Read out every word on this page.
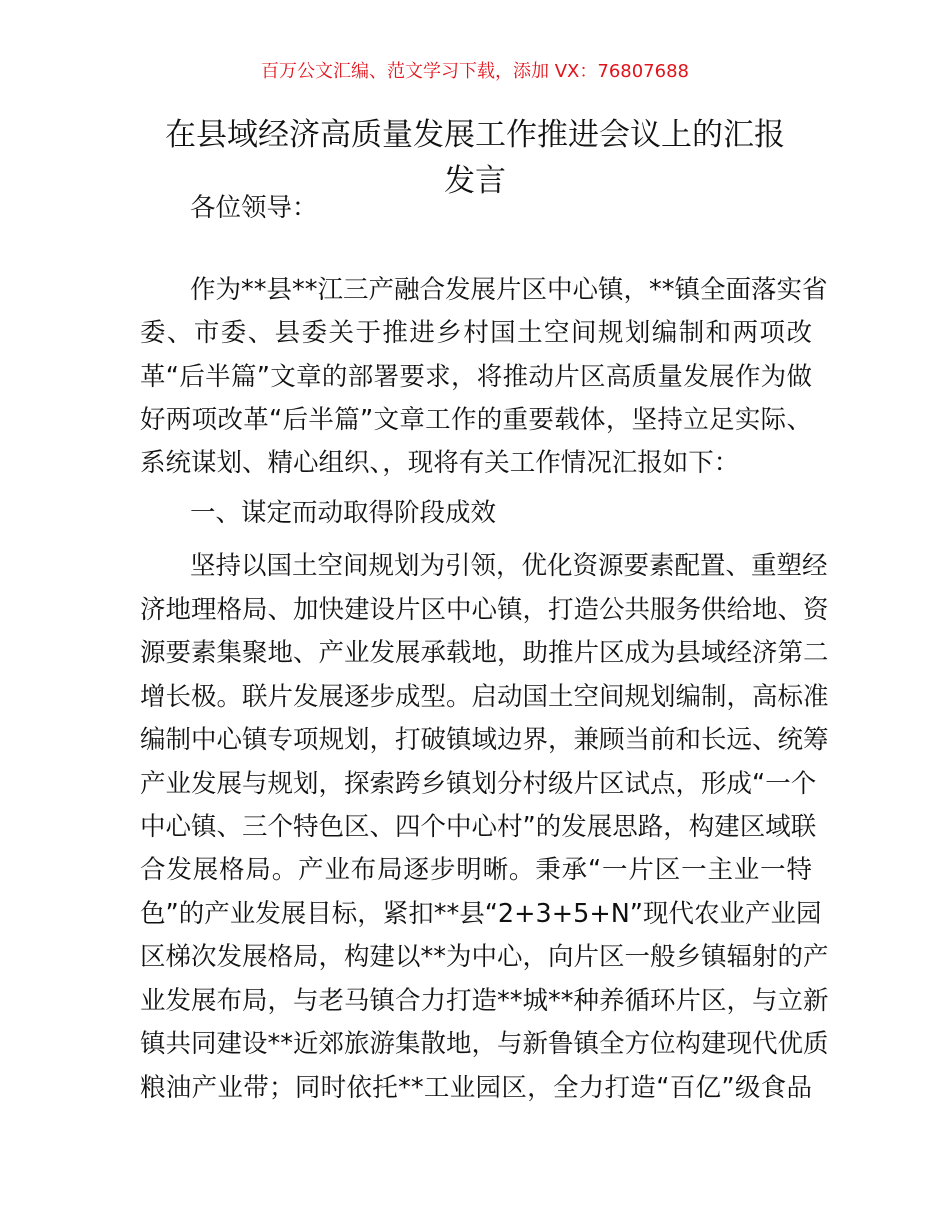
百万公文汇编、范文学习下载，添加 VX：76807688
在县域经济高质量发展工作推进会议上的汇报
发言
各位领导：
作为**县**江三产融合发展片区中心镇，**镇全面落实省
委、市委、县委关于推进乡村国土空间规划编制和两项改
革“后半篇”文章的部署要求，将推动片区高质量发展作为做
好两项改革“后半篇”文章工作的重要载体，坚持立足实际、
系统谋划、精心组织、，现将有关工作情况汇报如下：
一、谋定而动取得阶段成效
坚持以国土空间规划为引领，优化资源要素配置、重塑经
济地理格局、加快建设片区中心镇，打造公共服务供给地、资
源要素集聚地、产业发展承载地，助推片区成为县域经济第二
增长极。联片发展逐步成型。启动国土空间规划编制，高标准
编制中心镇专项规划，打破镇域边界，兼顾当前和长远、统筹
产业发展与规划，探索跨乡镇划分村级片区试点，形成“一个
中心镇、三个特色区、四个中心村”的发展思路，构建区域联
合发展格局。产业布局逐步明晰。秉承“一片区一主业一特
色”的产业发展目标，紧扣**县“2+3+5+N”现代农业产业园
区梯次发展格局，构建以**为中心，向片区一般乡镇辐射的产
业发展布局，与老马镇合力打造**城**种养循环片区，与立新
镇共同建设**近郊旅游集散地，与新鲁镇全方位构建现代优质
粮油产业带；同时依托**工业园区，全力打造“百亿”级食品
